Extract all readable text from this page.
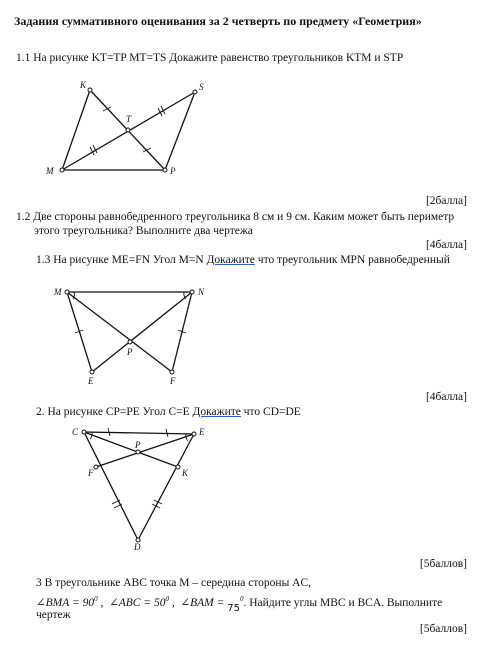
Задания суммативного оценивания за 2 четверть по предмету «Геометрия»
1.1 На рисунке KT=TP MT=TS Докажите равенство треугольников KTM и STP
K	S
T
M	P
[2балла]
1.2 Две стороны равнобедренного треугольника 8 см и 9 см. Каким может быть периметр
этого треугольника? Выполните два чертежа
[4балла]
1.3 На рисунке ME=FN Угол M=N Докажите что треугольник MPN равнобедренный
M	N
P
E	F
[4балла]
2. На рисунке CP=PE Угол C=E Докажите что CD=DE
C	E
P
F	K
D
[5баллов]
3 В треугольнике ABC точка M – середина стороны AC,
∠BMA = $90^0$ ,  ∠ABC = $50^0$ ,  ∠BAM = $75^0$. Найдите углы MBC и BCA. Выполните
чертеж
[5баллов]
